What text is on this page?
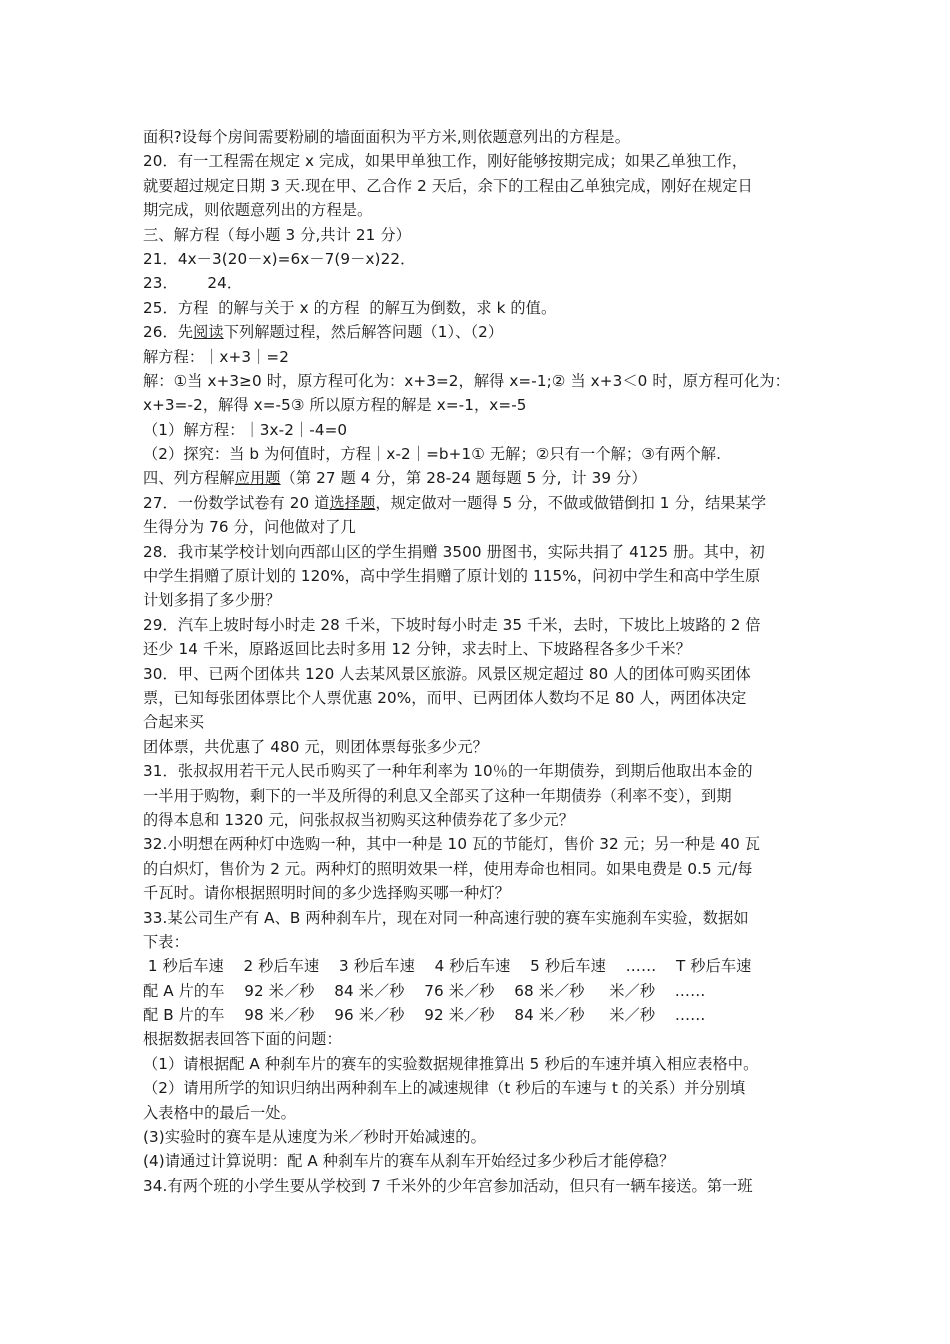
面积?设每个房间需要粉刷的墙面面积为平方米,则依题意列出的方程是。
20．有一工程需在规定 x 完成，如果甲单独工作，刚好能够按期完成；如果乙单独工作，
就要超过规定日期 3 天.现在甲、乙合作 2 天后，余下的工程由乙单独完成，刚好在规定日
期完成，则依题意列出的方程是。
三、解方程（每小题 3 分,共计 21 分）
21．4x－3(20－x)=6x－7(9－x)22．
23．      24．
25．方程  的解与关于 x 的方程  的解互为倒数，求 k 的值。
26．先阅读下列解题过程，然后解答问题（1）、（2）
解方程：｜x+3｜=2
解：①当 x+3≥0 时，原方程可化为：x+3=2，解得 x=-1;② 当 x+3＜0 时，原方程可化为：
x+3=-2，解得 x=-5③ 所以原方程的解是 x=-1，x=-5
（1）解方程：｜3x-2｜-4=0
（2）探究：当 b 为何值时，方程｜x-2｜=b+1① 无解；②只有一个解；③有两个解.
四、列方程解应用题（第 27 题 4 分，第 28-24 题每题 5 分,  计 39 分）
27．一份数学试卷有 20 道选择题，规定做对一题得 5 分，不做或做错倒扣 1 分，结果某学
生得分为 76 分，问他做对了几
28．我市某学校计划向西部山区的学生捐赠 3500 册图书，实际共捐了 4125 册。其中，初
中学生捐赠了原计划的 120%，高中学生捐赠了原计划的 115%，问初中学生和高中学生原
计划多捐了多少册？
29．汽车上坡时每小时走 28 千米，下坡时每小时走 35 千米，去时，下坡比上坡路的 2 倍
还少 14 千米，原路返回比去时多用 12 分钟，求去时上、下坡路程各多少千米？
30．甲、已两个团体共 120 人去某风景区旅游。风景区规定超过 80 人的团体可购买团体
票，已知每张团体票比个人票优惠 20%，而甲、已两团体人数均不足 80 人，两团体决定
合起来买
团体票，共优惠了 480 元，则团体票每张多少元？
31．张叔叔用若干元人民币购买了一种年利率为 10％的一年期债券，到期后他取出本金的
一半用于购物，剩下的一半及所得的利息又全部买了这种一年期债券（利率不变），到期
的得本息和 1320 元，问张叔叔当初购买这种债券花了多少元？
32.小明想在两种灯中选购一种，其中一种是 10 瓦的节能灯，售价 32 元；另一种是 40 瓦
的白炽灯，售价为 2 元。两种灯的照明效果一样，使用寿命也相同。如果电费是 0.5 元/每
千瓦时。请你根据照明时间的多少选择购买哪一种灯？
33.某公司生产有 A、B 两种刹车片，现在对同一种高速行驶的赛车实施刹车实验，数据如
下表：
1 秒后车速    2 秒后车速    3 秒后车速    4 秒后车速    5 秒后车速    ……    T 秒后车速
配 A 片的车    92 米／秒    84 米／秒    76 米／秒    68 米／秒     米／秒    ……
配 B 片的车    98 米／秒    96 米／秒    92 米／秒    84 米／秒     米／秒    ……
根据数据表回答下面的问题：
（1）请根据配 A 种刹车片的赛车的实验数据规律推算出 5 秒后的车速并填入相应表格中。
（2）请用所学的知识归纳出两种刹车上的减速规律（t 秒后的车速与 t 的关系）并分别填
入表格中的最后一处。
(3)实验时的赛车是从速度为米／秒时开始减速的。
(4)请通过计算说明：配 A 种刹车片的赛车从刹车开始经过多少秒后才能停稳？
34.有两个班的小学生要从学校到 7 千米外的少年宫参加活动，但只有一辆车接送。第一班
